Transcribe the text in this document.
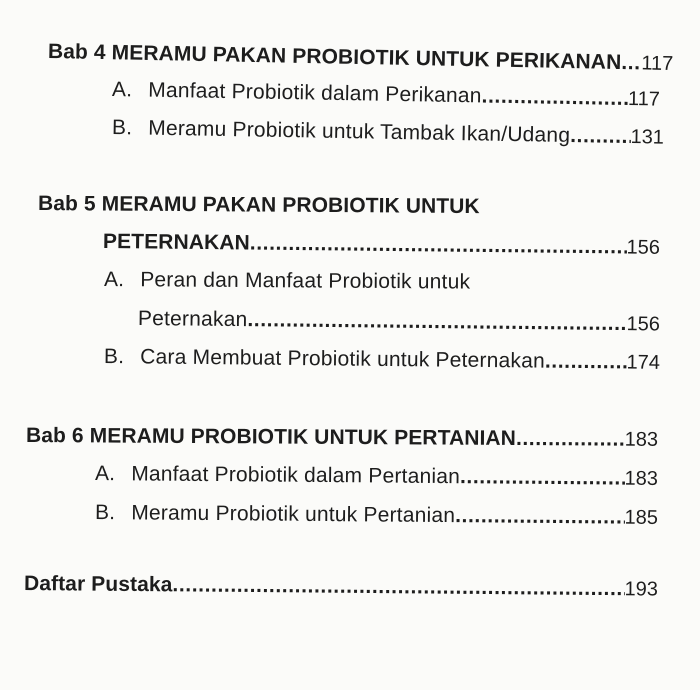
Bab 4 MERAMU PAKAN PROBIOTIK UNTUK PERIKANAN ..... 117
A. Manfaat Probiotik dalam Perikanan .....	117
B. Meramu Probiotik untuk Tambak Ikan/Udang .....	131
Bab 5 MERAMU PAKAN PROBIOTIK UNTUK
PETERNAKAN .....	156
A. Peran dan Manfaat Probiotik untuk
Peternakan .....	156
B. Cara Membuat Probiotik untuk Peternakan .....	174
Bab 6 MERAMU PROBIOTIK UNTUK PERTANIAN .....	183
A. Manfaat Probiotik dalam Pertanian .....	183
B. Meramu Probiotik untuk Pertanian .....	185
Daftar Pustaka .....	193
